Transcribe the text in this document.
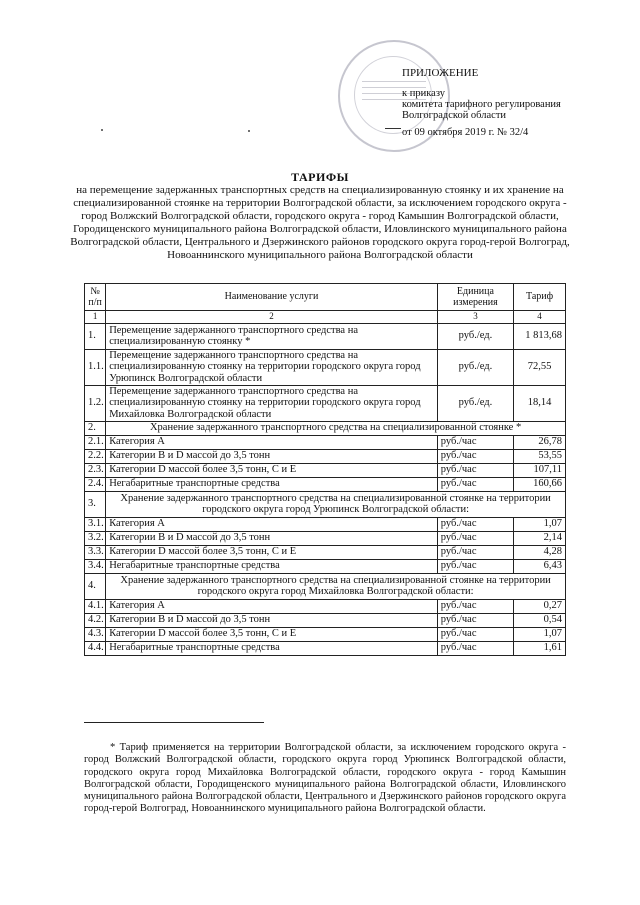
ПРИЛОЖЕНИЕ
к приказу
комитета тарифного регулирования
Волгоградской области
от 09 октября 2019 г. № 32/4
ТАРИФЫ
на перемещение задержанных транспортных средств на специализированную стоянку и их хранение на специализированной стоянке на территории Волгоградской области, за исключением городского округа - город Волжский Волгоградской области, городского округа - город Камышин Волгоградской области, Городищенского муниципального района Волгоградской области, Иловлинского муниципального района Волгоградской области, Центрального и Дзержинского районов городского округа город-герой Волгоград, Новоаннинского муниципального района Волгоградской области
№ п/п	Наименование услуги	Единица измерения	Тариф
1	2	3	4
1.	Перемещение задержанного транспортного средства на специализированную стоянку *	руб./ед.	1 813,68
1.1.	Перемещение задержанного транспортного средства на специализированную стоянку на территории городского округа город Урюпинск Волгоградской области	руб./ед.	72,55
1.2.	Перемещение задержанного транспортного средства на специализированную стоянку на территории городского округа город Михайловка Волгоградской области	руб./ед.	18,14
2.	Хранение задержанного транспортного средства на специализированной стоянке *		
2.1.	Категория А	руб./час	26,78
2.2.	Категории В и D массой до 3,5 тонн	руб./час	53,55
2.3.	Категории D массой более 3,5 тонн, С и Е	руб./час	107,11
2.4.	Негабаритные транспортные средства	руб./час	160,66
3.	Хранение задержанного транспортного средства на специализированной стоянке на территории городского округа город Урюпинск Волгоградской области:		
3.1.	Категория А	руб./час	1,07
3.2.	Категории В и D массой до 3,5 тонн	руб./час	2,14
3.3.	Категории D массой более 3,5 тонн, С и Е	руб./час	4,28
3.4.	Негабаритные транспортные средства	руб./час	6,43
4.	Хранение задержанного транспортного средства на специализированной стоянке на территории городского округа город Михайловка Волгоградской области:		
4.1.	Категория А	руб./час	0,27
4.2.	Категории В и D массой до 3,5 тонн	руб./час	0,54
4.3.	Категории D массой более 3,5 тонн, С и Е	руб./час	1,07
4.4.	Негабаритные транспортные средства	руб./час	1,61
* Тариф применяется на территории Волгоградской области, за исключением городского округа - город Волжский Волгоградской области, городского округа город Урюпинск Волгоградской области, городского округа город Михайловка Волгоградской области, городского округа - город Камышин Волгоградской области, Городищенского муниципального района Волгоградской области, Иловлинского муниципального района Волгоградской области, Центрального и Дзержинского районов городского округа город-герой Волгоград, Новоаннинского муниципального района Волгоградской области.
